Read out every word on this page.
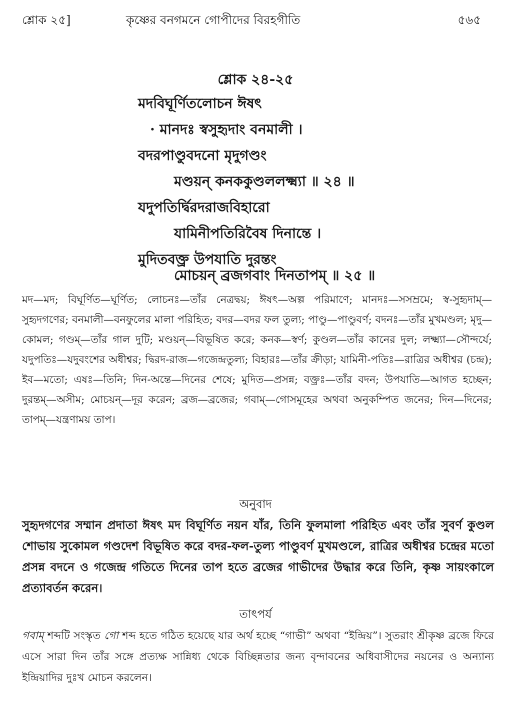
শ্লোক ২৫]	কৃষ্ণের বনগমনে গোপীদের বিরহগীতি	৫৬৫
শ্লোক ২৪-২৫
মদবিঘূর্ণিতলোচন ঈষৎ
· মানদঃ স্বসুহৃদাং বনমালী ।
বদরপাণ্ডুবদনো মৃদুগণ্ডং
মণ্ডয়ন্ কনককুণ্ডললক্ষ্ম্যা ॥ ২৪ ॥
যদুপতির্দ্বিরদরাজবিহারো
যামিনীপতিরিবৈষ দিনান্তে ।
মুদিতবক্ত্র উপযাতি দুরন্তং
মোচয়ন্ ব্রজগবাং দিনতাপম্ ॥ ২৫ ॥
মদ—মদ; বিঘূর্ণিত—ঘূর্ণিত; লোচনঃ—তাঁর নেত্রদ্বয়; ঈষৎ—অল্প পরিমাণে; মানদঃ—সসম্রমে; স্ব-সুহৃদাম্—সুহৃদগণের; বনমালী—বনফুলের মালা পরিহিত; বদর—বদর ফল তুল্য; পাণ্ডু—পাণ্ডুবর্ণ; বদনঃ—তাঁর মুখমণ্ডল; মৃদু—কোমল; গণ্ডম্—তাঁর গাল দুটি; মণ্ডয়ন্—বিভূষিত করে; কনক—স্বর্ণ; কুণ্ডল—তাঁর কানের দুল; লক্ষ্ম্যা—সৌন্দর্যে; যদুপতিঃ—যদুবংশের অধীশ্বর; দ্বিরদ-রাজ—গজেন্দ্রতুল্য; বিহারঃ—তাঁর ক্রীড়া; যামিনী-পতিঃ—রাত্রির অধীশ্বর (চন্দ্র); ইব—মতো; এষঃ—তিনি; দিন-অন্তে—দিনের শেষে; মুদিত—প্রসন্ন; বক্ত্রঃ—তাঁর বদন; উপযাতি—আগত হচ্ছেন; দুরন্তম্—অসীম; মোচয়ন্—দূর করেন; ব্রজ—ব্রজের; গবাম্—গোসমূহের অথবা অনুকম্পিত জনের; দিন—দিনের; তাপম্—যন্ত্রণাময় তাপ।
অনুবাদ
সুহৃদগণের সম্মান প্রদাতা ঈষৎ মদ বিঘূর্ণিত নয়ন যাঁর, তিনি ফুলমালা পরিহিত এবং তাঁর সুবর্ণ কুণ্ডল শোভায় সুকোমল গণ্ডদেশ বিভূষিত করে বদর-ফল-তুল্য পাণ্ডুবর্ণ মুখমণ্ডলে, রাত্রির অধীশ্বর চন্দ্রের মতো প্রসন্ন বদনে ও গজেন্দ্র গতিতে দিনের তাপ হতে ব্রজের গাভীদের উদ্ধার করে তিনি, কৃষ্ণ সায়ংকালে প্রত্যাবর্তন করেন।
তাৎপর্য
গবাম্ শব্দটি সংস্কৃত গো শব্দ হতে গঠিত হয়েছে যার অর্থ হচ্ছে “গাভী” অথবা “ইন্দ্রিয়”। সুতরাং শ্রীকৃষ্ণ ব্রজে ফিরে এসে সারা দিন তাঁর সঙ্গে প্রত্যক্ষ সান্নিধ্য থেকে বিচ্ছিন্নতার জন্য বৃন্দাবনের অধিবাসীদের নয়নের ও অন্যান্য ইন্দ্রিয়াদির দুঃখ মোচন করলেন।
